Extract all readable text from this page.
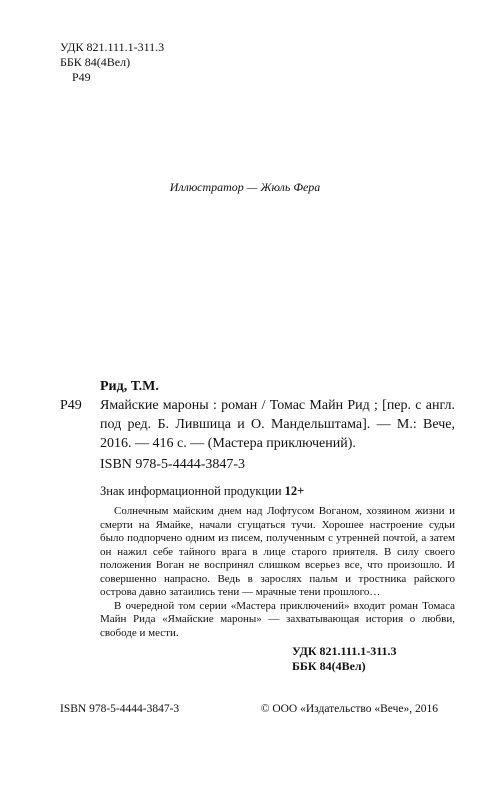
УДК 821.111.1-311.3
ББК 84(4Вел)
Р49
Иллюстратор — Жюль Фера
Рид, Т.М.
Р49	Ямайские мароны : роман / Томас Майн Рид ; [пер. с англ. под ред. Б. Лившица и О. Мандельштама]. — М.: Вече, 2016. — 416 с. — (Мастера приключений).
ISBN 978-5-4444-3847-3
Знак информационной продукции 12+

Солнечным майским днем над Лофтусом Воганом, хозяином жизни и смерти на Ямайке, начали сгущаться тучи. Хорошее настроение судьи было подпорчено одним из писем, полученным с утренней почтой, а затем он нажил себе тайного врага в лице старого приятеля. В силу своего положения Воган не воспринял слишком всерьез все, что произошло. И совершенно напрасно. Ведь в зарослях пальм и тростника райского острова давно затаились тени — мрачные тени прошлого…

В очередной том серии «Мастера приключений» входит роман Томаса Майн Рида «Ямайские мароны» — захватывающая история о любви, свободе и мести.

УДК 821.111.1-311.3
ББК 84(4Вел)
ISBN 978-5-4444-3847-3	© ООО «Издательство «Вече», 2016
